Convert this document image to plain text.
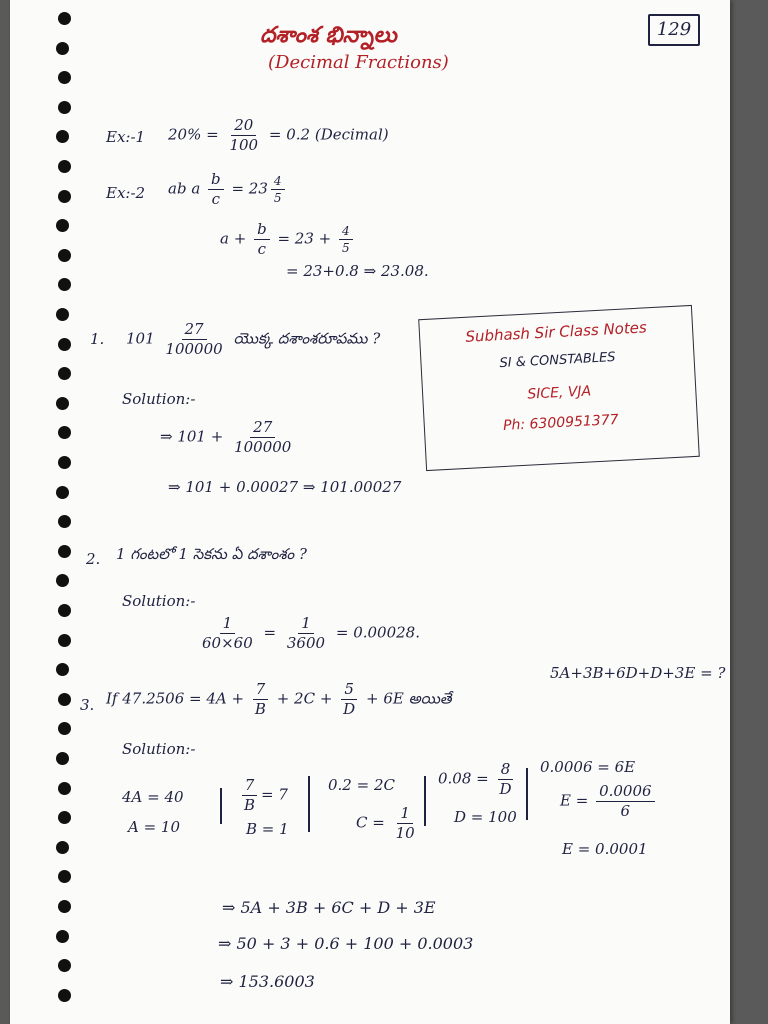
129
దశాంశ భిన్నాలు
(Decimal Fractions)
Ex:-1 $20\% = \frac{20}{100} = 0.2$ (Decimal)
Ex:-2 ab a $\frac{b}{c} = 23 \frac{4}{5}$
$a + \frac{b}{c} = 23 + \frac{4}{5}$
= 23+0.8 ⇒ 23.08.
1. $101 \frac{27}{100000}$ యొక్క దశాంశరూపము ?
Solution:-
⇒ $101 + \frac{27}{100000}$
⇒ 101 + 0.00027 ⇒ 101.00027
Subhash Sir Class Notes
SI & CONSTABLES
SICE, VJA
Ph: 6300951377
2. 1 గంటలో 1 సెకను ఏ దశాంశం ?
Solution:-
$\frac{1}{60\times 60} = \frac{1}{3600} = 0.00028$.
3. If $47.2506 = 4A + \frac{7}{B} + 2C + \frac{5}{D} + 6E$ అయితే
5A+3B+6D+D+3E = ?
Solution:-
4A = 40
A = 10
$\frac{7}{B} = 7$
B = 1
0.2 = 2C
$C = \frac{1}{10}$
$0.08 = \frac{8}{D}$
D = 100
0.0006 = 6E
$E = \frac{0.0006}{6}$
E = 0.0001
⇒ 5A + 3B + 6C + D + 3E
⇒ 50 + 3 + 0.6 + 100 + 0.0003
⇒ 153.6003
